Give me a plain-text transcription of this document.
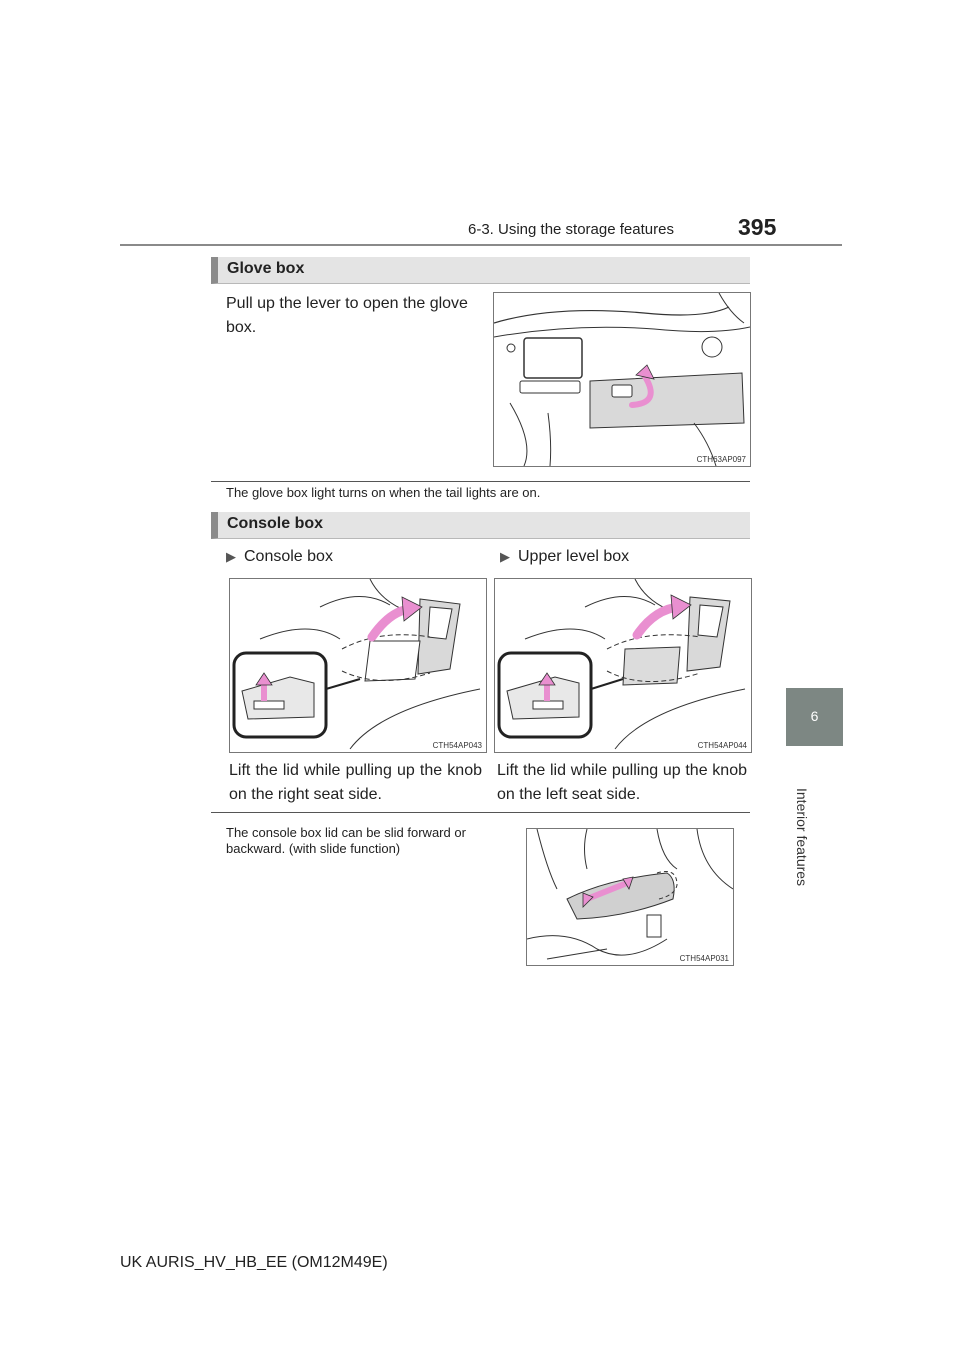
6-3. Using the storage features	395
6
Interior features
Glove box
Pull up the lever to open the glove box.
CTH63AP097
The glove box light turns on when the tail lights are on.
Console box
▶ Console box	▶ Upper level box
CTH54AP043	CTH54AP044
Lift the lid while pulling up the knob on the right seat side.
Lift the lid while pulling up the knob on the left seat side.
The console box lid can be slid forward or backward. (with slide function)
CTH54AP031
UK AURIS_HV_HB_EE (OM12M49E)
